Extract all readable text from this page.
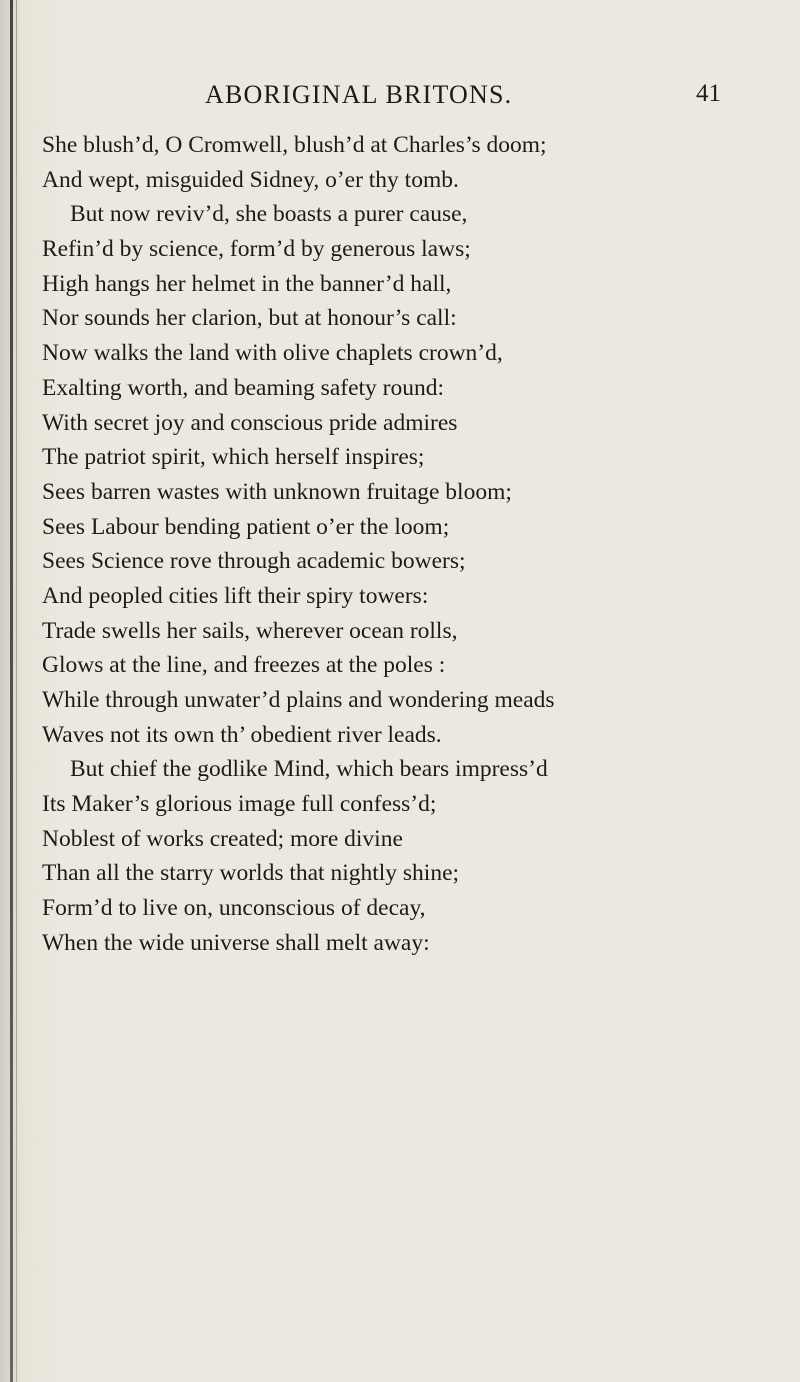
ABORIGINAL BRITONS.	41
She blush’d, O Cromwell, blush’d at Charles’s doom;
And wept, misguided Sidney, o’er thy tomb.
But now reviv’d, she boasts a purer cause,
Refin’d by science, form’d by generous laws;
High hangs her helmet in the banner’d hall,
Nor sounds her clarion, but at honour’s call:
Now walks the land with olive chaplets crown’d,
Exalting worth, and beaming safety round:
With secret joy and conscious pride admires
The patriot spirit, which herself inspires;
Sees barren wastes with unknown fruitage bloom;
Sees Labour bending patient o’er the loom;
Sees Science rove through academic bowers;
And peopled cities lift their spiry towers:
Trade swells her sails, wherever ocean rolls,
Glows at the line, and freezes at the poles :
While through unwater’d plains and wondering meads
Waves not its own th’ obedient river leads.
But chief the godlike Mind, which bears impress’d
Its Maker’s glorious image full confess’d;
Noblest of works created; more divine
Than all the starry worlds that nightly shine;
Form’d to live on, unconscious of decay,
When the wide universe shall melt away:
